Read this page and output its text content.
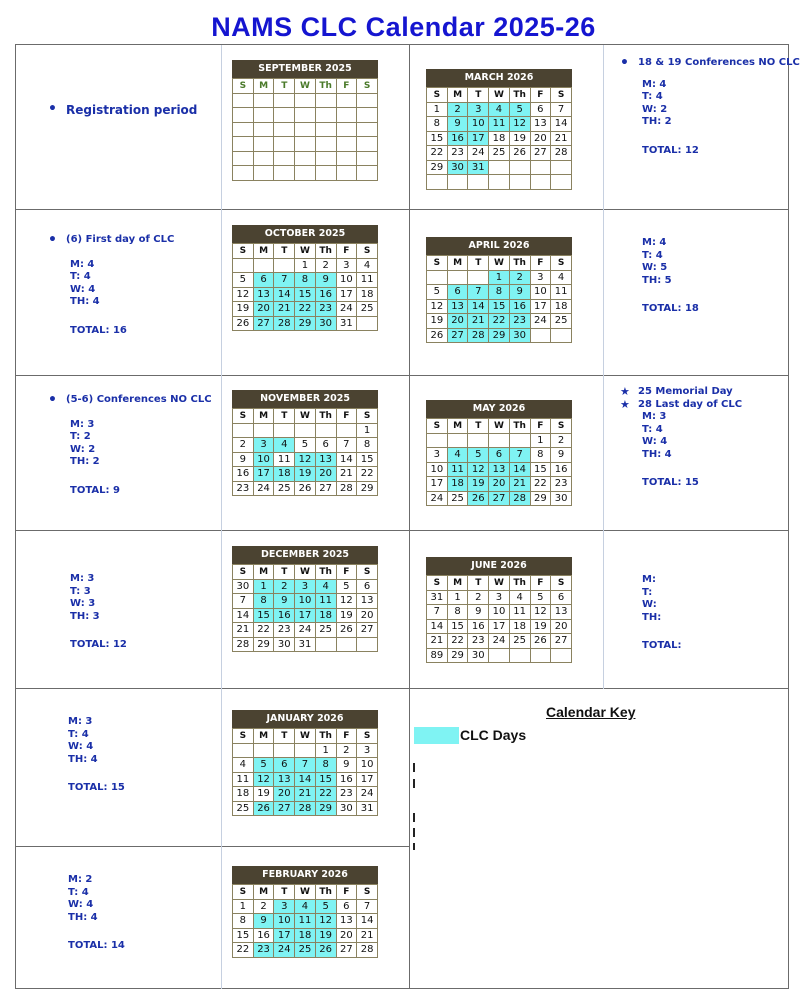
NAMS CLC Calendar 2025-26
SEPTEMBER 2025
S	M	T	W	Th	F	S

OCTOBER 2025
S	M	T	W	Th	F	S
			1	2	3	4
5	6	7	8	9	10	11
12	13	14	15	16	17	18
19	20	21	22	23	24	25
26	27	28	29	30	31	
NOVEMBER 2025
S	M	T	W	Th	F	S
						1
2	3	4	5	6	7	8
9	10	11	12	13	14	15
16	17	18	19	20	21	22
23	24	25	26	27	28	29
DECEMBER 2025
S	M	T	W	Th	F	S
30	1	2	3	4	5	6
7	8	9	10	11	12	13
14	15	16	17	18	19	20
21	22	23	24	25	26	27
28	29	30	31			
JANUARY 2026
S	M	T	W	Th	F	S
				1	2	3
4	5	6	7	8	9	10
11	12	13	14	15	16	17
18	19	20	21	22	23	24
25	26	27	28	29	30	31
FEBRUARY 2026
S	M	T	W	Th	F	S
1	2	3	4	5	6	7
8	9	10	11	12	13	14
15	16	17	18	19	20	21
22	23	24	25	26	27	28
MARCH 2026
S	M	T	W	Th	F	S
1	2	3	4	5	6	7
8	9	10	11	12	13	14
15	16	17	18	19	20	21
22	23	24	25	26	27	28
29	30	31				

APRIL 2026
S	M	T	W	Th	F	S
			1	2	3	4
5	6	7	8	9	10	11
12	13	14	15	16	17	18
19	20	21	22	23	24	25
26	27	28	29	30		
MAY 2026
S	M	T	W	Th	F	S
					1	2
3	4	5	6	7	8	9
10	11	12	13	14	15	16
17	18	19	20	21	22	23
24	25	26	27	28	29	30
JUNE 2026
S	M	T	W	Th	F	S
31	1	2	3	4	5	6
7	8	9	10	11	12	13
14	15	16	17	18	19	20
21	22	23	24	25	26	27
89	29	30				
• Registration period
• (6) First day of CLC
M: 4
T: 4
W: 4
TH: 4
TOTAL: 16
• (5-6) Conferences NO CLC
M: 3
T: 2
W: 2
TH: 2
TOTAL: 9
M: 3
T: 3
W: 3
TH: 3
TOTAL: 12
M: 3
T: 4
W: 4
TH: 4
TOTAL: 15
M: 2
T: 4
W: 4
TH: 4
TOTAL: 14
• 18 & 19 Conferences NO CLC
M: 4
T: 4
W: 2
TH: 2
TOTAL: 12
M: 4
T: 4
W: 5
TH: 5
TOTAL: 18
★ 25 Memorial Day
★ 28 Last day of CLC
M: 3
T: 4
W: 4
TH: 4
TOTAL: 15
M:
T:
W:
TH:
TOTAL:
Calendar Key
CLC Days
